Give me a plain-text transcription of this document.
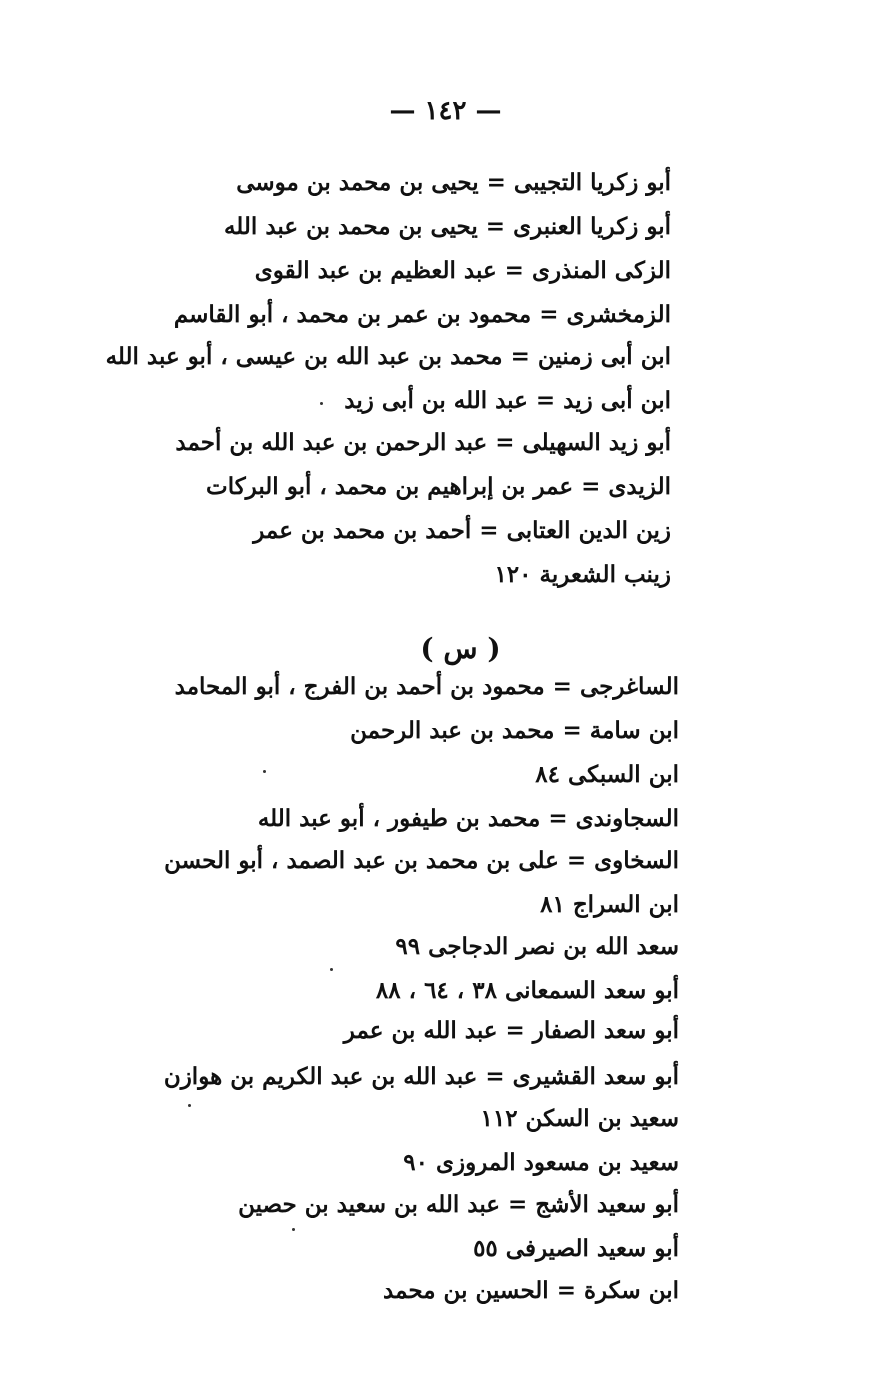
— ١٤٢ —
أبو زكريا التجيبى = يحيى بن محمد بن موسى
أبو زكريا العنبرى = يحيى بن محمد بن عبد الله
الزكى المنذرى = عبد العظيم بن عبد القوى
الزمخشرى = محمود بن عمر بن محمد ، أبو القاسم
ابن أبى زمنين = محمد بن عبد الله بن عيسى ، أبو عبد الله
ابن أبى زيد = عبد الله بن أبى زيد
أبو زيد السهيلى = عبد الرحمن بن عبد الله بن أحمد
الزيدى = عمر بن إبراهيم بن محمد ، أبو البركات
زين الدين العتابى = أحمد بن محمد بن عمر
زينب الشعرية ١٢٠
( س )
الساغرجى = محمود بن أحمد بن الفرج ، أبو المحامد
ابن سامة = محمد بن عبد الرحمن
ابن السبكى ٨٤
السجاوندى = محمد بن طيفور ، أبو عبد الله
السخاوى = على بن محمد بن عبد الصمد ، أبو الحسن
ابن السراج ٨١
سعد الله بن نصر الدجاجى ٩٩
أبو سعد السمعانى ٣٨ ، ٦٤ ، ٨٨
أبو سعد الصفار = عبد الله بن عمر
أبو سعد القشيرى = عبد الله بن عبد الكريم بن هوازن
سعيد بن السكن ١١٢
سعيد بن مسعود المروزى ٩٠
أبو سعيد الأشج = عبد الله بن سعيد بن حصين
أبو سعيد الصيرفى ٥٥
ابن سكرة = الحسين بن محمد
